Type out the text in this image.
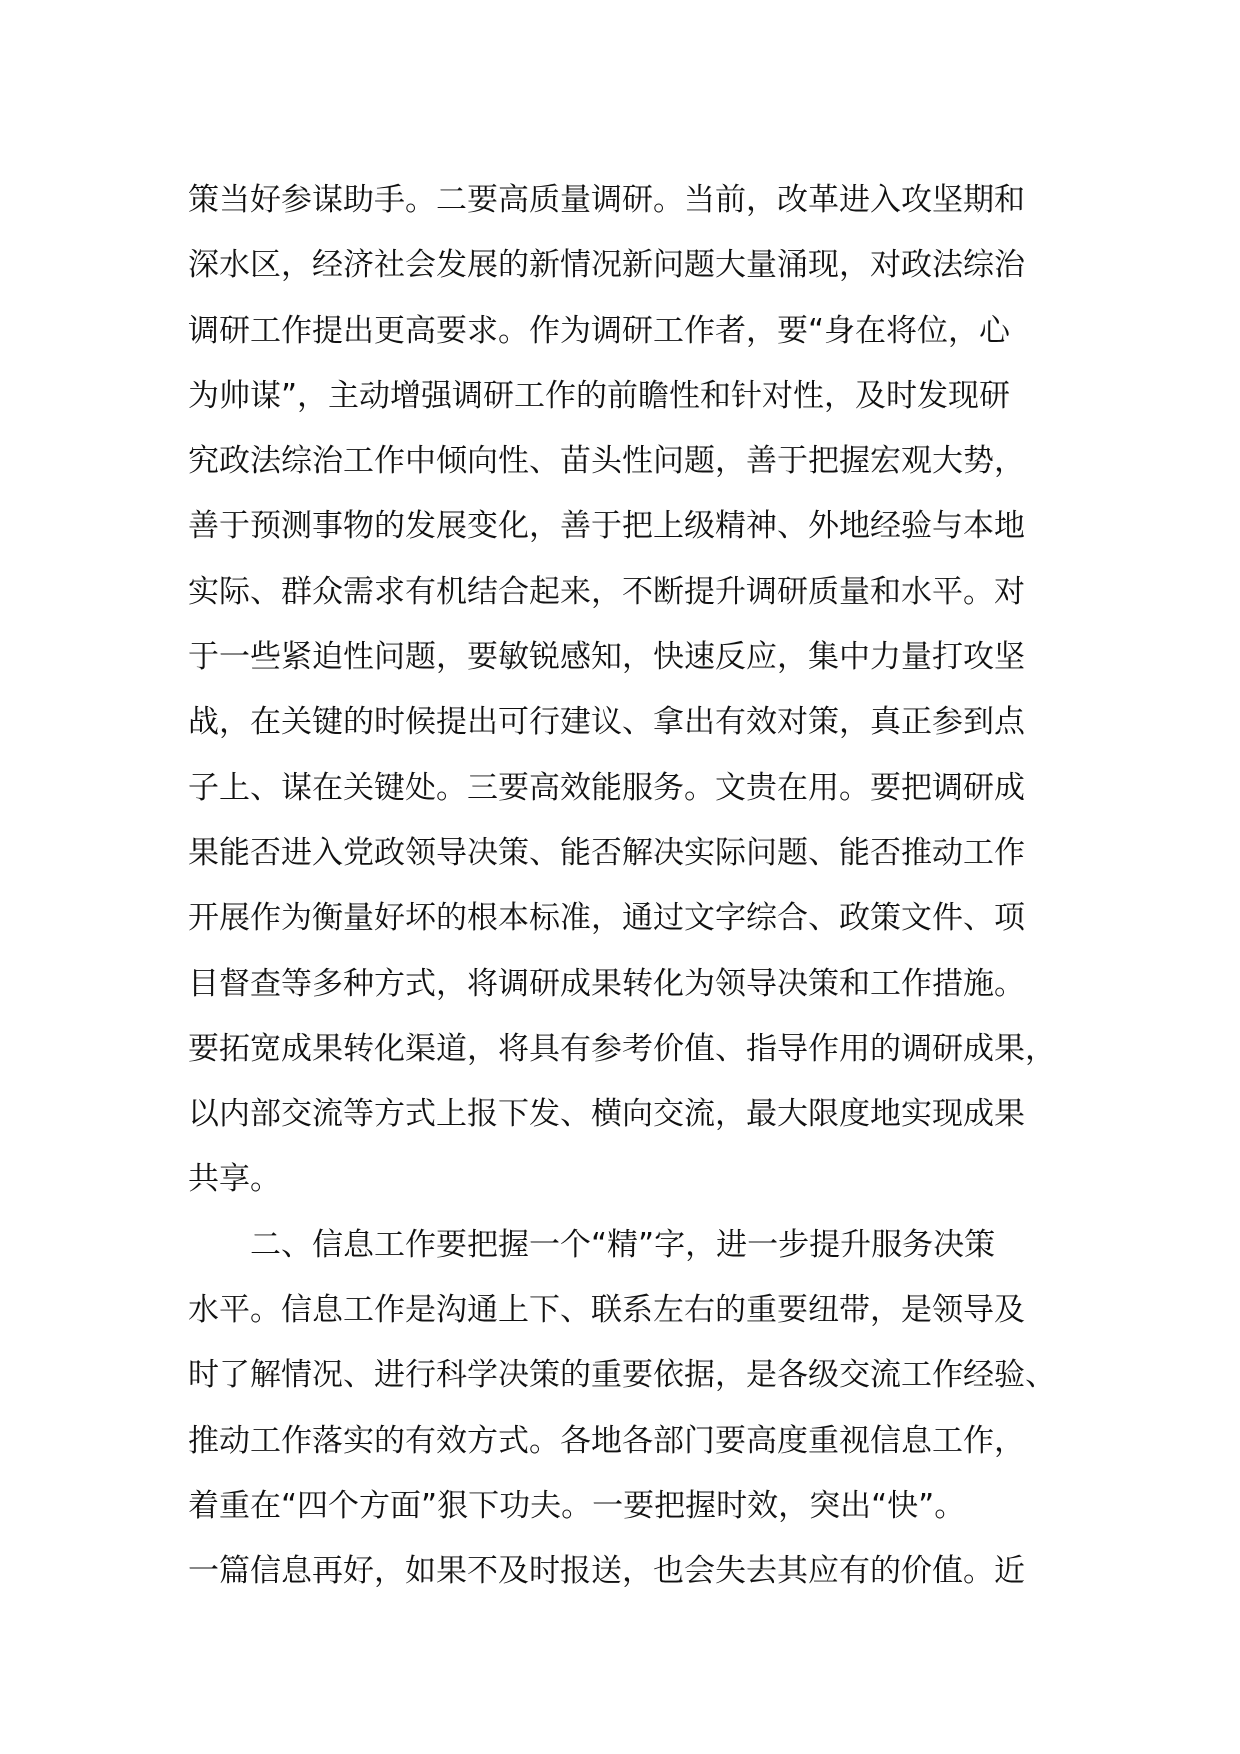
策当好参谋助手。二要高质量调研。当前，改革进入攻坚期和
深水区，经济社会发展的新情况新问题大量涌现，对政法综治
调研工作提出更高要求。作为调研工作者，要“身在将位，心
为帅谋”，主动增强调研工作的前瞻性和针对性，及时发现研
究政法综治工作中倾向性、苗头性问题，善于把握宏观大势，
善于预测事物的发展变化，善于把上级精神、外地经验与本地
实际、群众需求有机结合起来，不断提升调研质量和水平。对
于一些紧迫性问题，要敏锐感知，快速反应，集中力量打攻坚
战，在关键的时候提出可行建议、拿出有效对策，真正参到点
子上、谋在关键处。三要高效能服务。文贵在用。要把调研成
果能否进入党政领导决策、能否解决实际问题、能否推动工作
开展作为衡量好坏的根本标准，通过文字综合、政策文件、项
目督查等多种方式，将调研成果转化为领导决策和工作措施。
要拓宽成果转化渠道，将具有参考价值、指导作用的调研成果，
以内部交流等方式上报下发、横向交流，最大限度地实现成果
共享。
二、信息工作要把握一个“精”字，进一步提升服务决策
水平。信息工作是沟通上下、联系左右的重要纽带，是领导及
时了解情况、进行科学决策的重要依据，是各级交流工作经验、
推动工作落实的有效方式。各地各部门要高度重视信息工作，
着重在“四个方面”狠下功夫。一要把握时效，突出“快”。
一篇信息再好，如果不及时报送，也会失去其应有的价值。近
